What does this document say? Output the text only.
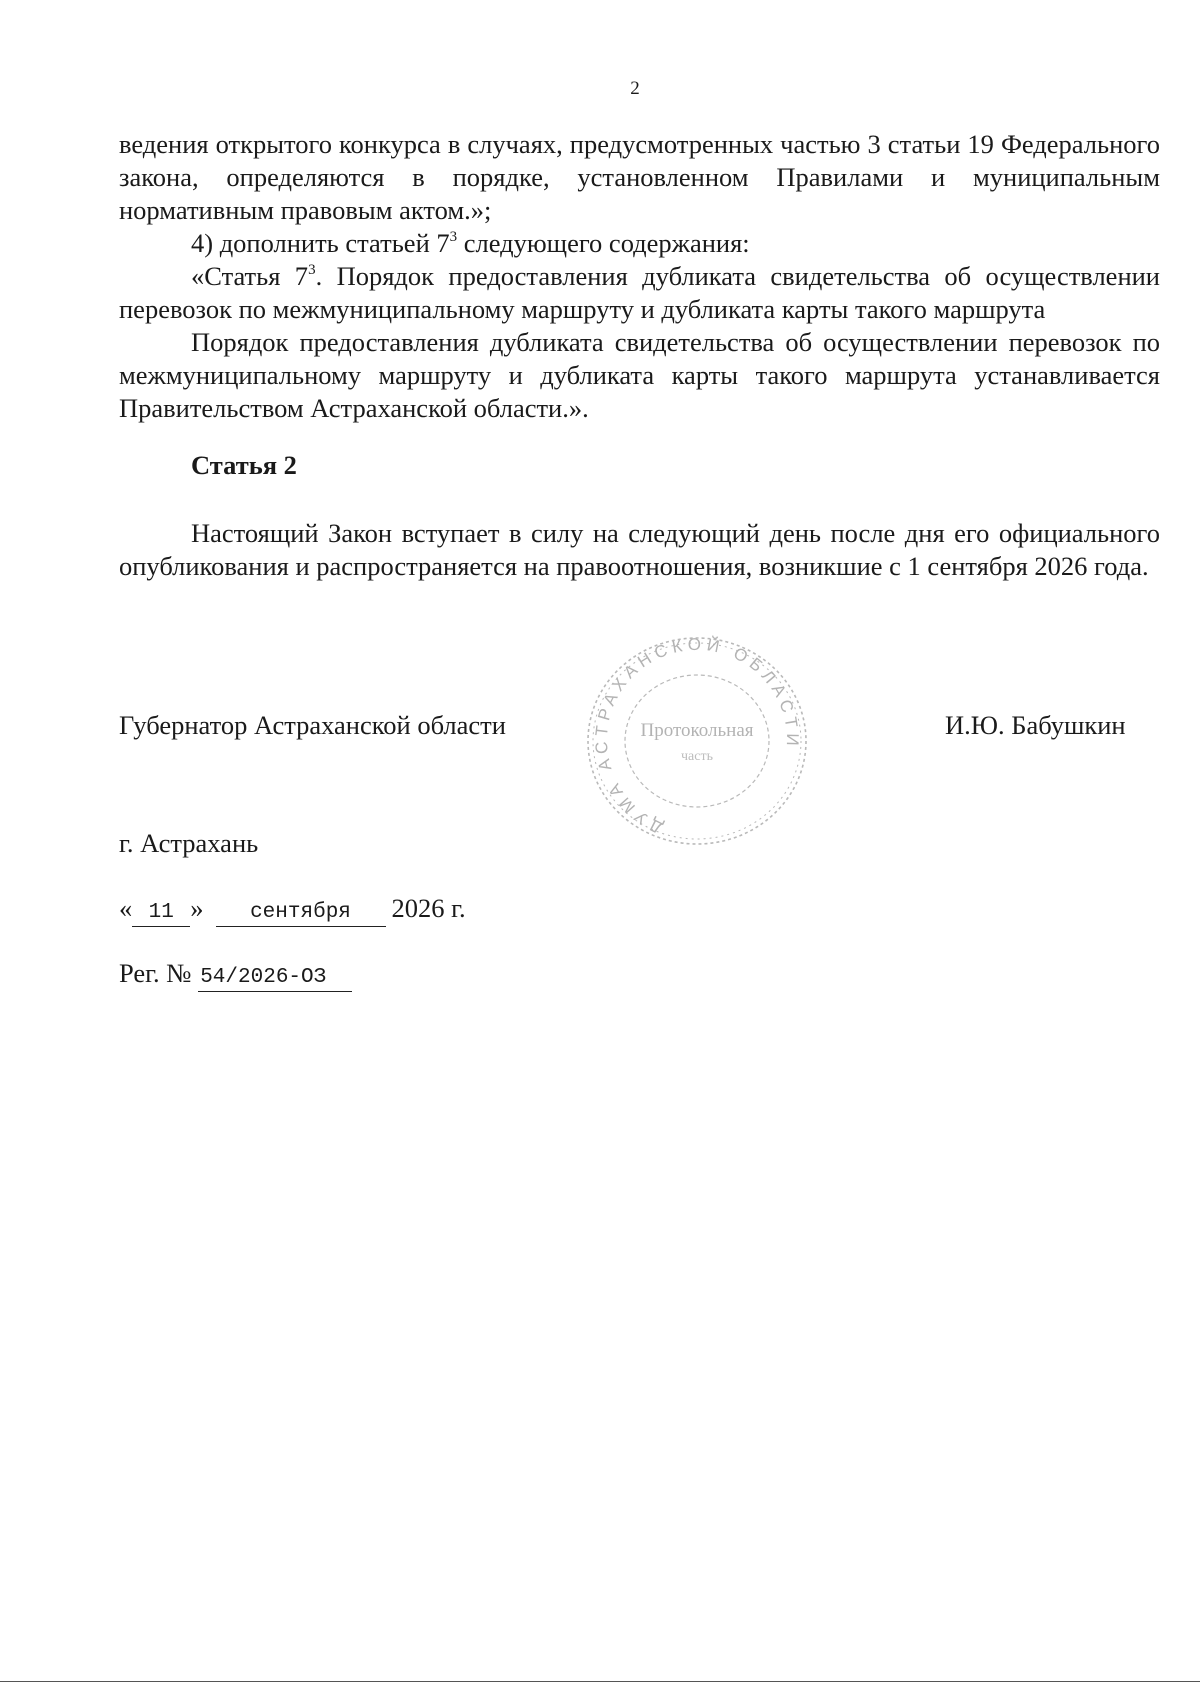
2

ведения открытого конкурса в случаях, предусмотренных частью 3 статьи 19 Федерального закона, определяются в порядке, установленном Правилами и муниципальным нормативным правовым актом.»;

4) дополнить статьей $7^3$ следующего содержания:

«Статья $7^3$. Порядок предоставления дубликата свидетельства об осуществлении перевозок по межмуниципальному маршруту и дубликата карты такого маршрута

Порядок предоставления дубликата свидетельства об осуществлении перевозок по межмуниципальному маршруту и дубликата карты такого маршрута устанавливается Правительством Астраханской области.».

Статья 2

Настоящий Закон вступает в силу на следующий день после дня его официального опубликования и распространяется на правоотношения, возникшие с 1 сентября 2026 года.

Губернатор Астраханской области	И.Ю. Бабушкин
ДУМА АСТРАХАНСКОЙ ОБЛАСТИ
Протокольная
часть
г. Астрахань
« 11 » сентября 2026 г.
Рег. № 54/2026-ОЗ
